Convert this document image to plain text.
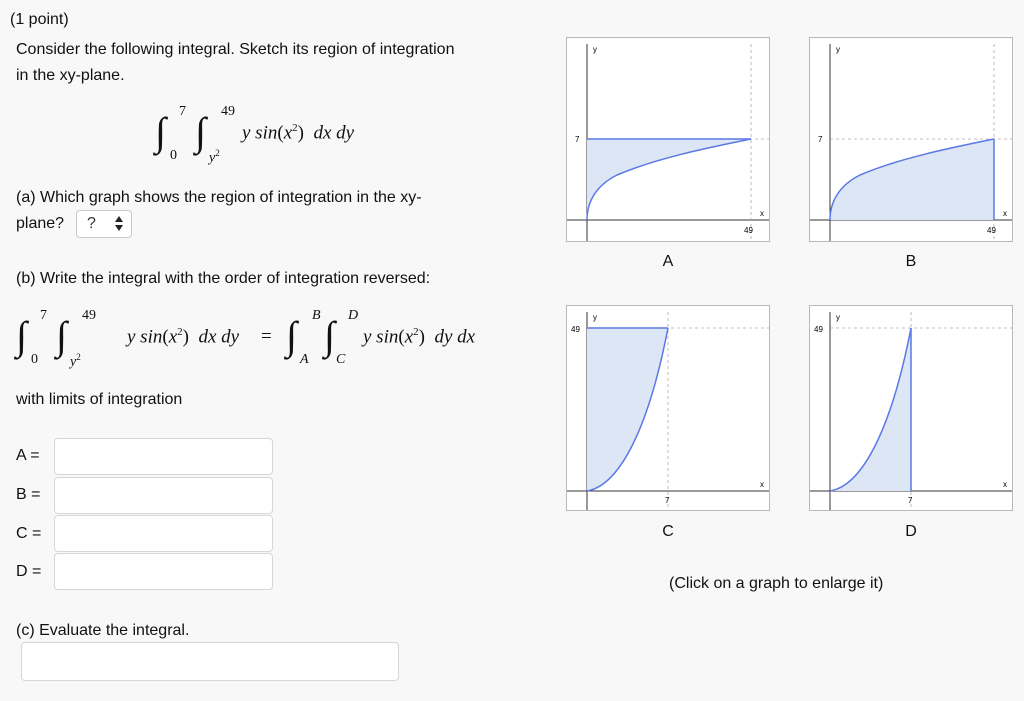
(1 point)
Consider the following integral. Sketch its region of integration
in the xy-plane.
∫ 7
0
∫ 49
$y^2$
y $\sin(x^2)$ dx dy
(a) Which graph shows the region of integration in the xy-
plane?	?
(b) Write the integral with the order of integration reversed:
∫ 7
0
∫ 49
$y^2$
y $\sin(x^2)$ dx dy = ∫ B
A
∫ D
C
y $\sin(x^2)$ dy dx
with limits of integration
A =
B =
C =
D =
(c) Evaluate the integral.
y
7
x
49
A
y
7
x
49
B
y
49
x
7
C
y
49
x
7
D
(Click on a graph to enlarge it)
